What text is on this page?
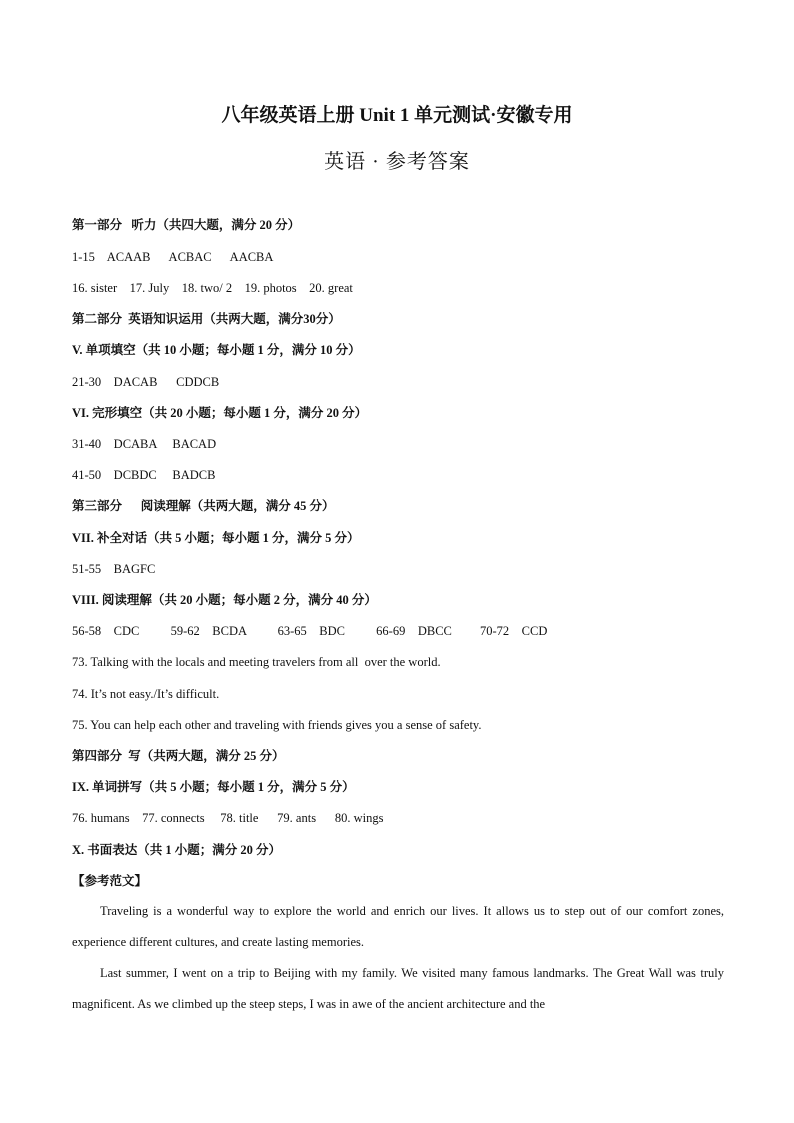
八年级英语上册 Unit 1 单元测试·安徽专用
英语 · 参考答案
第一部分   听力（共四大题，满分 20 分）
1-15    ACAAB      ACBAC      AACBA
16. sister    17. July    18. two/ 2    19. photos    20. great
第二部分  英语知识运用（共两大题，满分30分）
V. 单项填空（共 10 小题；每小题 1 分，满分 10 分）
21-30    DACAB      CDDCB
VI. 完形填空（共 20 小题；每小题 1 分，满分 20 分）
31-40    DCABA     BACAD
41-50    DCBDC     BADCB
第三部分      阅读理解（共两大题，满分 45 分）
VII. 补全对话（共 5 小题；每小题 1 分，满分 5 分）
51-55    BAGFC
VIII. 阅读理解（共 20 小题；每小题 2 分，满分 40 分）
56-58    CDC          59-62    BCDA          63-65    BDC          66-69    DBCC         70-72    CCD
73. Talking with the locals and meeting travelers from all  over the world.
74. It’s not easy./It’s difficult.
75. You can help each other and traveling with friends gives you a sense of safety.
第四部分  写（共两大题，满分 25 分）
IX. 单词拼写（共 5 小题；每小题 1 分，满分 5 分）
76. humans    77. connects     78. title      79. ants      80. wings
X. 书面表达（共 1 小题；满分 20 分）
【参考范文】
Traveling is a wonderful way to explore the world and enrich our lives. It allows us to step out of our comfort zones, experience different cultures, and create lasting memories.
Last summer, I went on a trip to Beijing with my family. We visited many famous landmarks. The Great Wall was truly magnificent. As we climbed up the steep steps, I was in awe of the ancient architecture and the
